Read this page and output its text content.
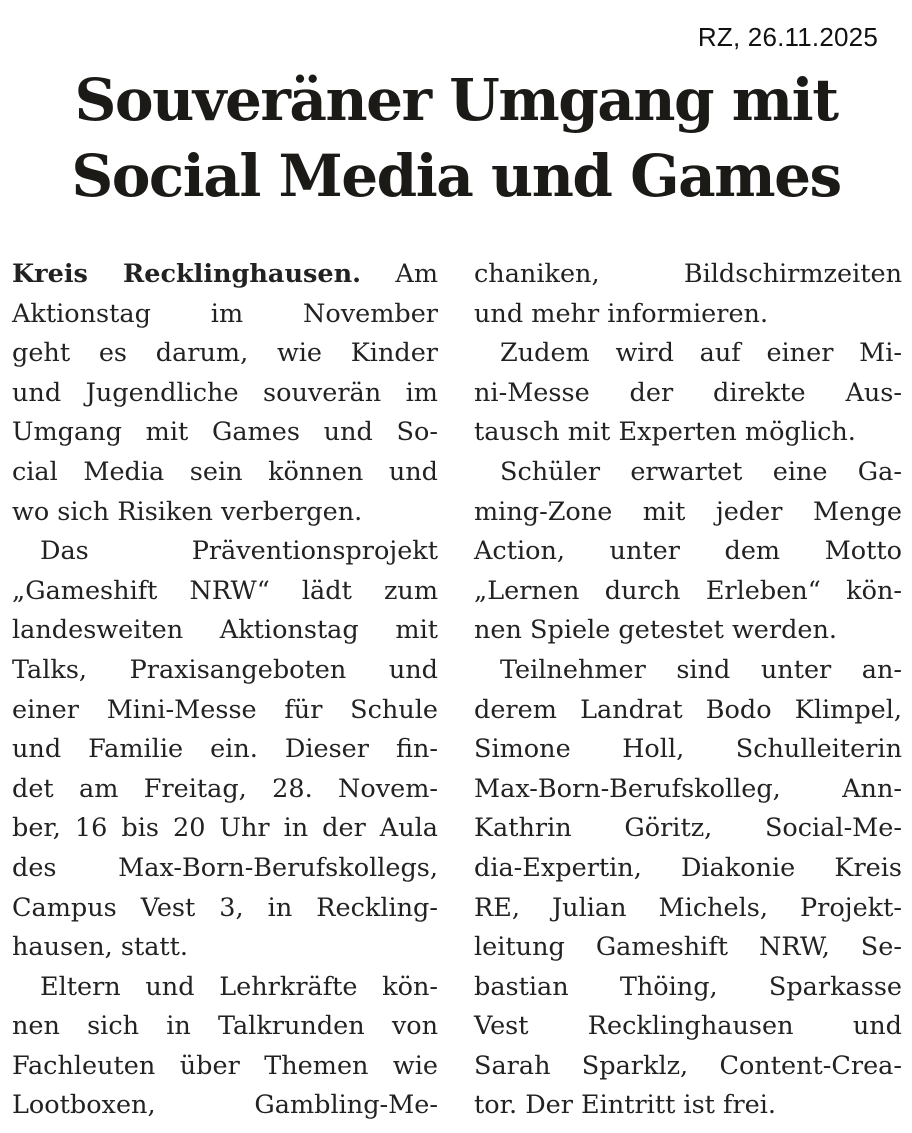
RZ, 26.11.2025
Souveräner Umgang mit
Social Media und Games
Kreis Recklinghausen. Am
Aktionstag im November
geht es darum, wie Kinder
und Jugendliche souverän im
Umgang mit Games und So-
cial Media sein können und
wo sich Risiken verbergen.
Das Präventionsprojekt
„Gameshift NRW“ lädt zum
landesweiten Aktionstag mit
Talks, Praxisangeboten und
einer Mini-Messe für Schule
und Familie ein. Dieser fin-
det am Freitag, 28. Novem-
ber, 16 bis 20 Uhr in der Aula
des Max-Born-Berufskollegs,
Campus Vest 3, in Reckling-
hausen, statt.
Eltern und Lehrkräfte kön-
nen sich in Talkrunden von
Fachleuten über Themen wie
Lootboxen, Gambling-Me-
chaniken, Bildschirmzeiten
und mehr informieren.
Zudem wird auf einer Mi-
ni-Messe der direkte Aus-
tausch mit Experten möglich.
Schüler erwartet eine Ga-
ming-Zone mit jeder Menge
Action, unter dem Motto
„Lernen durch Erleben“ kön-
nen Spiele getestet werden.
Teilnehmer sind unter an-
derem Landrat Bodo Klimpel,
Simone Holl, Schulleiterin
Max-Born-Berufskolleg, Ann-
Kathrin Göritz, Social-Me-
dia-Expertin, Diakonie Kreis
RE, Julian Michels, Projekt-
leitung Gameshift NRW, Se-
bastian Thöing, Sparkasse
Vest Recklinghausen und
Sarah Sparklz, Content-Crea-
tor. Der Eintritt ist frei.
